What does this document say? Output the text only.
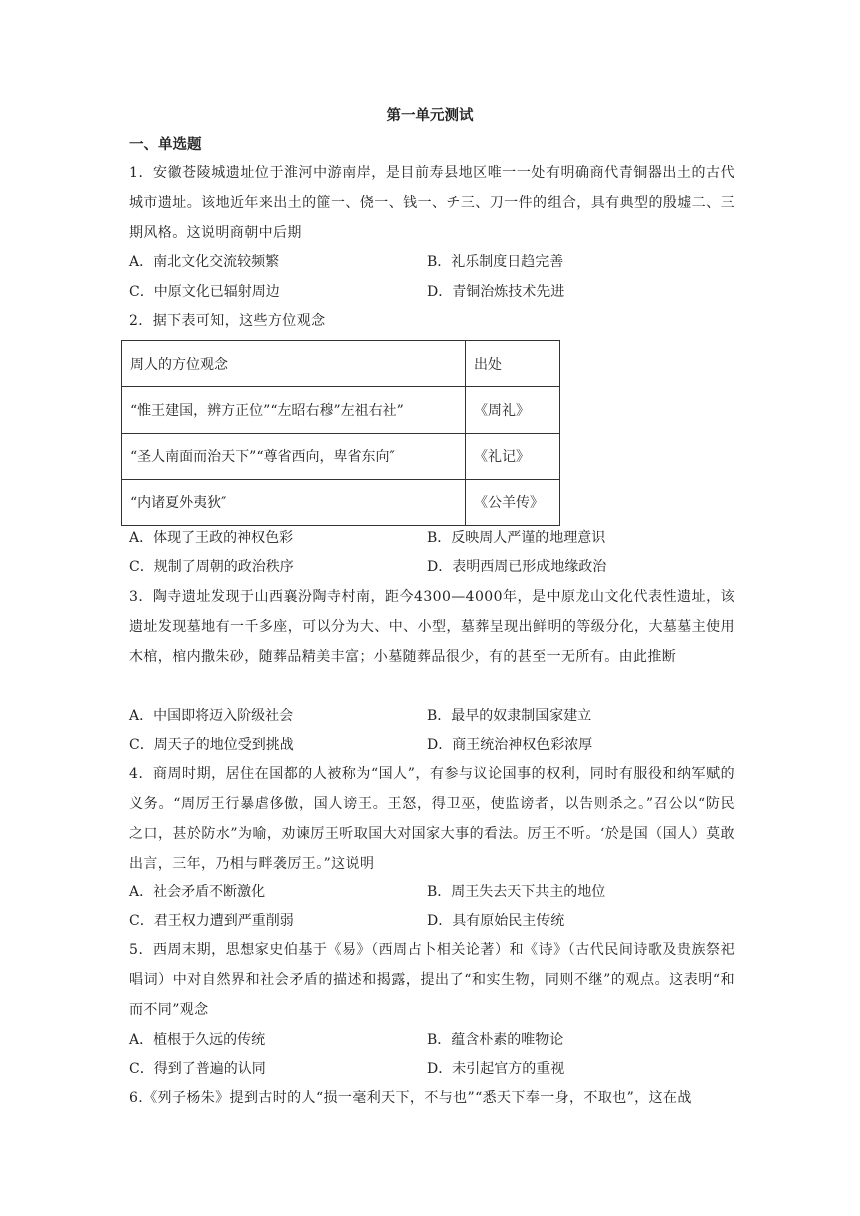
第一单元测试
一、单选题
1．安徽苍陵城遗址位于淮河中游南岸，是目前寿县地区唯一一处有明确商代青铜器出土的古代城市遗址。该地近年来出土的篚一、侥一、钱一、チ三、刀一件的组合，具有典型的殷墟二、三期风格。这说明商朝中后期
A．南北文化交流较频繁	B．礼乐制度日趋完善
C．中原文化已辐射周边	D．青铜治炼技术先进
2．据下表可知，这些方位观念
周人的方位观念	出处
“惟王建国，辨方正位”“左昭右穆”左祖右社”	《周礼》
“圣人南面而治天下”“尊省西向，卑省东向″	《礼记》
“内诸夏外夷狄″	《公羊传》
A．体现了王政的神权色彩	B．反映周人严谨的地理意识
C．规制了周朝的政治秩序	D．表明西周已形成地缘政治
3．陶寺遗址发现于山西襄汾陶寺村南，距今4300—4000年，是中原龙山文化代表性遗址，该遗址发现墓地有一千多座，可以分为大、中、小型，墓葬呈现出鲜明的等级分化，大墓墓主使用木棺，棺内撒朱砂，随葬品精美丰富；小墓随葬品很少，有的甚至一无所有。由此推断
A．中国即将迈入阶级社会	B．最早的奴隶制国家建立
C．周天子的地位受到挑战	D．商王统治神权色彩浓厚
4．商周时期，居住在国都的人被称为“国人”，有参与议论国事的权利，同时有服役和纳军赋的义务。“周厉王行暴虐侈傲，国人谤王。王怒，得卫巫，使监谤者，以告则杀之。”召公以“防民之口，甚於防水”为喻，劝谏厉王听取国大对国家大事的看法。厉王不听。‘於是国（国人）莫敢出言，三年，乃相与畔袭厉王。”这说明
A．社会矛盾不断激化	B．周王失去天下共主的地位
C．君王权力遭到严重削弱	D．具有原始民主传统
5．西周末期，思想家史伯基于《易》（西周占卜相关论著）和《诗》（古代民间诗歌及贵族祭祀唱词）中对自然界和社会矛盾的描述和揭露，提出了“和实生物，同则不继”的观点。这表明“和而不同”观念
A．植根于久远的传统	B．蕴含朴素的唯物论
C．得到了普遍的认同	D．未引起官方的重视
6.《列子杨朱》提到古时的人“损一毫利天下，不与也”“悉天下奉一身，不取也”，这在战
